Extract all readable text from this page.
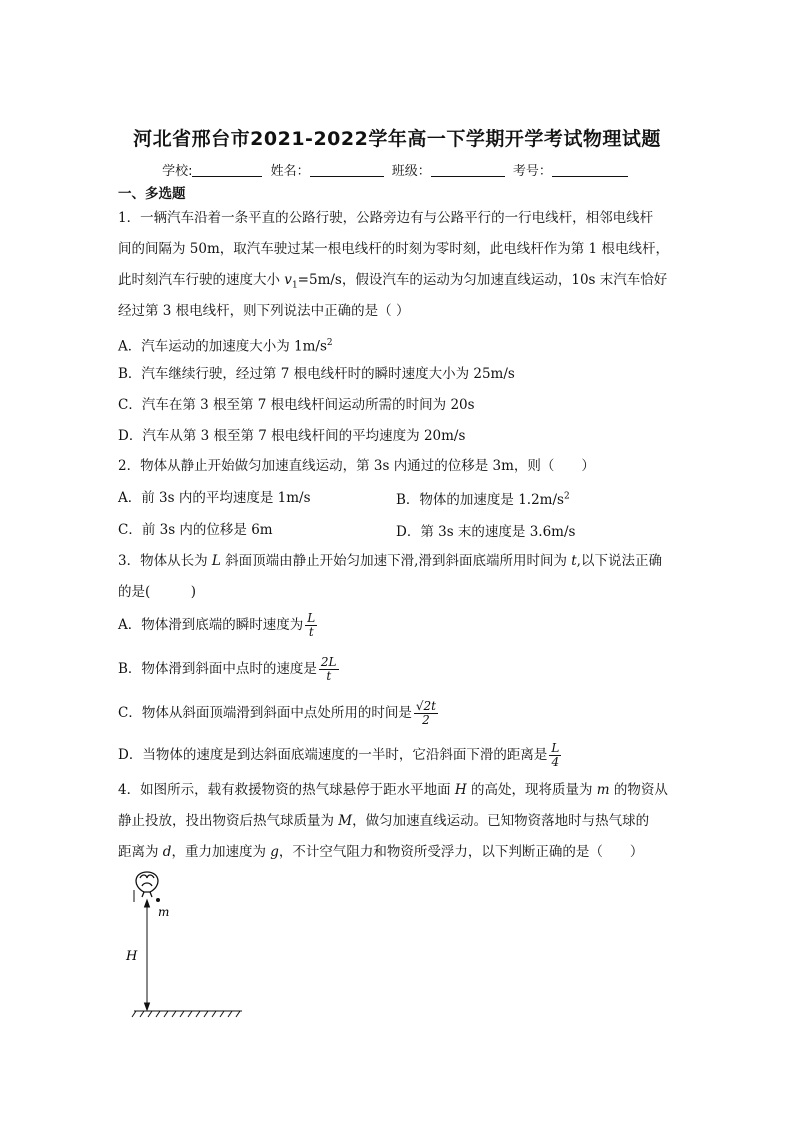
河北省邢台市2021-2022学年高一下学期开学考试物理试题
学校:	姓名：	班级：	考号：
一、多选题
1．一辆汽车沿着一条平直的公路行驶，公路旁边有与公路平行的一行电线杆，相邻电线杆
间的间隔为 50m，取汽车驶过某一根电线杆的时刻为零时刻，此电线杆作为第 1 根电线杆，
此时刻汽车行驶的速度大小 $v_1=5m/s$，假设汽车的运动为匀加速直线运动，10s 末汽车恰好
经过第 3 根电线杆，则下列说法中正确的是（ ）
A．汽车运动的加速度大小为 $1m/s^2$
B．汽车继续行驶，经过第 7 根电线杆时的瞬时速度大小为 25m/s
C．汽车在第 3 根至第 7 根电线杆间运动所需的时间为 20s
D．汽车从第 3 根至第 7 根电线杆间的平均速度为 20m/s
2．物体从静止开始做匀加速直线运动，第 3s 内通过的位移是 3m，则（　　）
A．前 3s 内的平均速度是 1m/s	B．物体的加速度是 $1.2m/s^2$
C．前 3s 内的位移是 6m	D．第 3s 末的速度是 3.6m/s
3．物体从长为 L 斜面顶端由静止开始匀加速下滑,滑到斜面底端所用时间为 t,以下说法正确
的是(　　　)
A．物体滑到底端的瞬时速度为 $\frac{L}{t}$
B．物体滑到斜面中点时的速度是 $\frac{2L}{t}$
C．物体从斜面顶端滑到斜面中点处所用的时间是 $\frac{√2t}{2}$
D．当物体的速度是到达斜面底端速度的一半时，它沿斜面下滑的距离是 $\frac{L}{4}$
4．如图所示，载有救援物资的热气球悬停于距水平地面 H 的高处，现将质量为 m 的物资从
静止投放，投出物资后热气球质量为 M，做匀加速直线运动。已知物资落地时与热气球的
距离为 d，重力加速度为 g，不计空气阻力和物资所受浮力，以下判断正确的是（　　）
m
H
